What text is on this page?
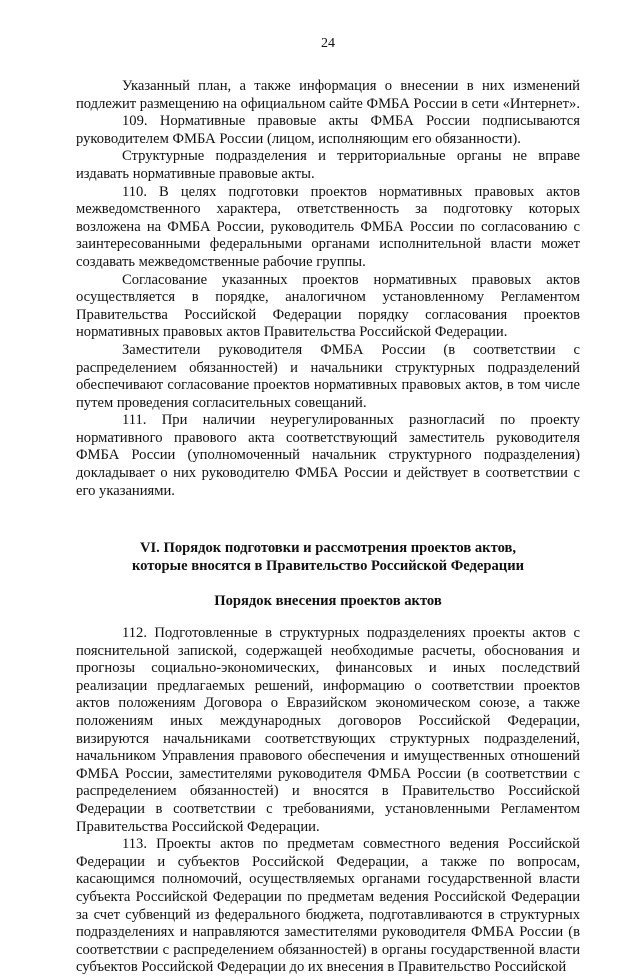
24

Указанный план, а также информация о внесении в них изменений подлежит размещению на официальном сайте ФМБА России в сети «Интернет».

109. Нормативные правовые акты ФМБА России подписываются руководителем ФМБА России (лицом, исполняющим его обязанности).

Структурные подразделения и территориальные органы не вправе издавать нормативные правовые акты.

110. В целях подготовки проектов нормативных правовых актов межведомственного характера, ответственность за подготовку которых возложена на ФМБА России, руководитель ФМБА России по согласованию с заинтересованными федеральными органами исполнительной власти может создавать межведомственные рабочие группы.

Согласование указанных проектов нормативных правовых актов осуществляется в порядке, аналогичном установленному Регламентом Правительства Российской Федерации порядку согласования проектов нормативных правовых актов Правительства Российской Федерации.

Заместители руководителя ФМБА России (в соответствии с распределением обязанностей) и начальники структурных подразделений обеспечивают согласование проектов нормативных правовых актов, в том числе путем проведения согласительных совещаний.

111. При наличии неурегулированных разногласий по проекту нормативного правового акта соответствующий заместитель руководителя ФМБА России (уполномоченный начальник структурного подразделения) докладывает о них руководителю ФМБА России и действует в соответствии с его указаниями.

VI. Порядок подготовки и рассмотрения проектов актов,

которые вносятся в Правительство Российской Федерации

Порядок внесения проектов актов

112. Подготовленные в структурных подразделениях проекты актов с пояснительной запиской, содержащей необходимые расчеты, обоснования и прогнозы социально-экономических, финансовых и иных последствий реализации предлагаемых решений, информацию о соответствии проектов актов положениям Договора о Евразийском экономическом союзе, а также положениям иных международных договоров Российской Федерации, визируются начальниками соответствующих структурных подразделений, начальником Управления правового обеспечения и имущественных отношений ФМБА России, заместителями руководителя ФМБА России (в соответствии с распределением обязанностей) и вносятся в Правительство Российской Федерации в соответствии с требованиями, установленными Регламентом Правительства Российской Федерации.

113. Проекты актов по предметам совместного ведения Российской Федерации и субъектов Российской Федерации, а также по вопросам, касающимся полномочий, осуществляемых органами государственной власти субъекта Российской Федерации по предметам ведения Российской Федерации за счет субвенций из федерального бюджета, подготавливаются в структурных подразделениях и направляются заместителями руководителя ФМБА России (в соответствии с распределением обязанностей) в органы государственной власти субъектов Российской Федерации до их внесения в Правительство Российской
